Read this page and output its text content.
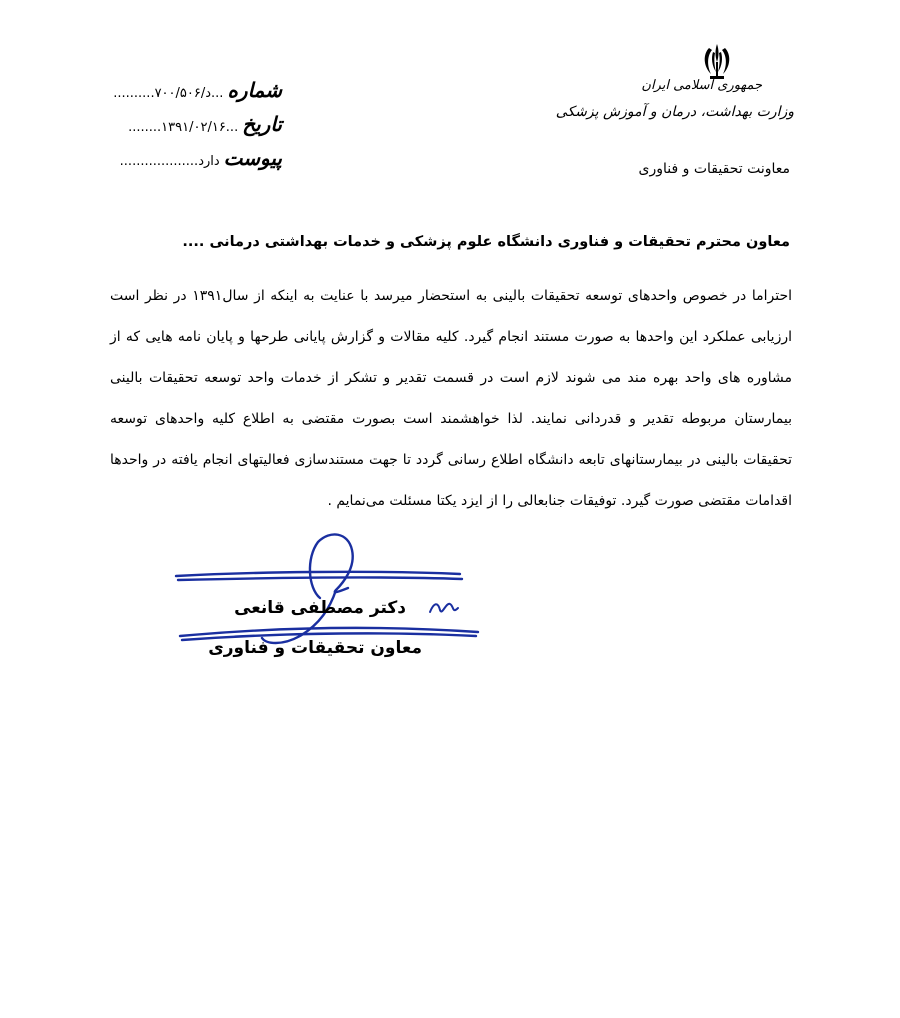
جمهوری اسلامی ایران
وزارت بهداشت، درمان و آموزش پزشکی
معاونت تحقیقات و فناوری
شماره
..........۷۰۰/د/۵۰۶...
تاریخ
........۱۳۹۱/۰۲/۱۶...
پیوست
...................دارد
معاون محترم تحقیقات و فناوری دانشگاه علوم پزشکی و خدمات بهداشتی درمانی ....
احتراما در خصوص واحدهای توسعه تحقیقات بالینی به استحضار میرسد با عنایت به اینکه از سال۱۳۹۱ در نظر است ارزیابی عملکرد این واحدها به صورت مستند انجام گیرد. کلیه مقالات و گزارش پایانی طرحها و پایان نامه هایی که از مشاوره های واحد بهره مند می شوند لازم است در قسمت تقدیر و تشکر از خدمات واحد توسعه تحقیقات بالینی بیمارستان مربوطه تقدیر و قدردانی نمایند. لذا خواهشمند است بصورت مقتضی به اطلاع کلیه واحدهای توسعه تحقیقات بالینی در بیمارستانهای تابعه دانشگاه اطلاع رسانی گردد تا جهت مستندسازی فعالیتهای انجام یافته در واحدها اقدامات مقتضی صورت گیرد. توفیقات جنابعالی را از ایزد یکتا مسئلت می‌نمایم .
دکتر مصطفی قانعی
معاون تحقیقات و فناوری
